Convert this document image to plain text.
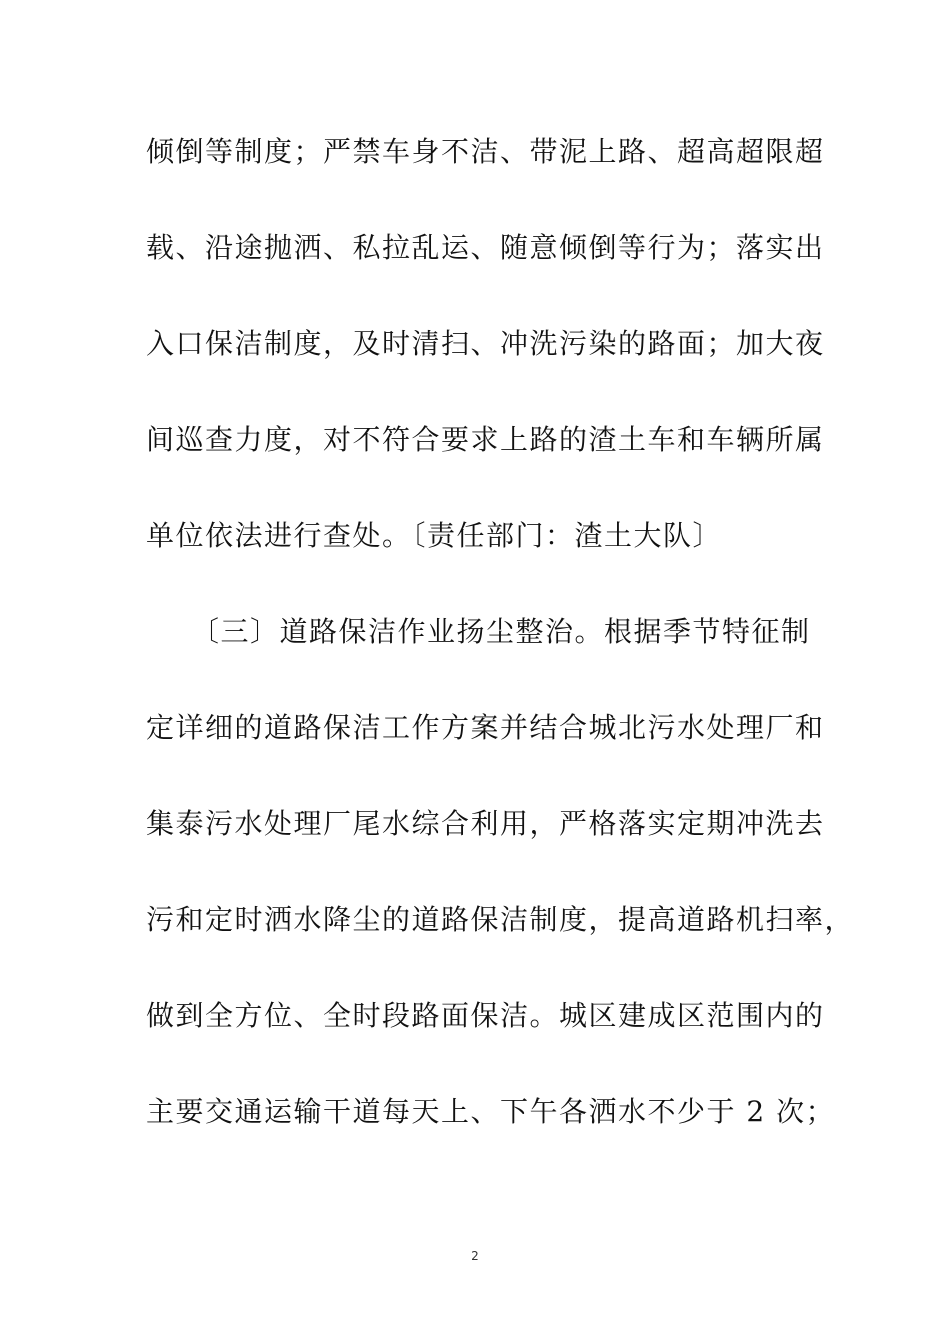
倾倒等制度；严禁车身不洁、带泥上路、超高超限超
载、沿途抛洒、私拉乱运、随意倾倒等行为；落实出
入口保洁制度，及时清扫、冲洗污染的路面；加大夜
间巡查力度，对不符合要求上路的渣土车和车辆所属
单位依法进行查处。〔责任部门：渣土大队〕
　　〔三〕道路保洁作业扬尘整治。根据季节特征制
定详细的道路保洁工作方案并结合城北污水处理厂和
集泰污水处理厂尾水综合利用，严格落实定期冲洗去
污和定时洒水降尘的道路保洁制度，提高道路机扫率，
做到全方位、全时段路面保洁。城区建成区范围内的
主要交通运输干道每天上、下午各洒水不少于 2 次；
2
